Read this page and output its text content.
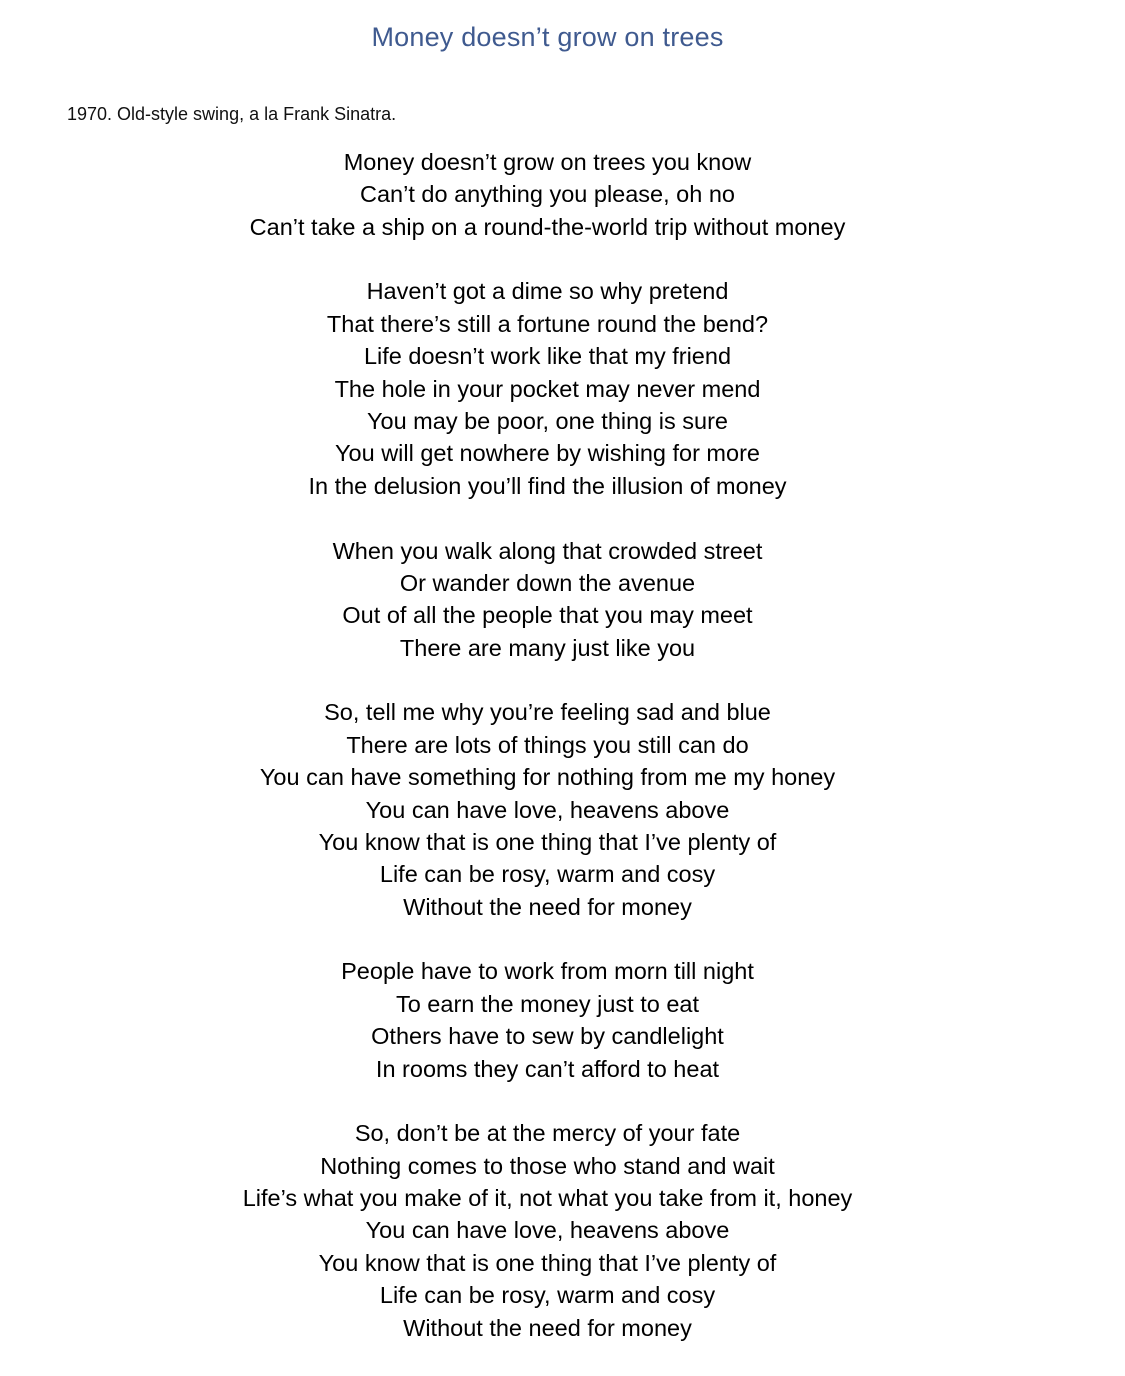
Money doesn’t grow on trees
1970. Old-style swing, a la Frank Sinatra.
Money doesn’t grow on trees you know
Can’t do anything you please, oh no
Can’t take a ship on a round-the-world trip without money
Haven’t got a dime so why pretend
That there’s still a fortune round the bend?
Life doesn’t work like that my friend
The hole in your pocket may never mend
You may be poor, one thing is sure
You will get nowhere by wishing for more
In the delusion you’ll find the illusion of money
When you walk along that crowded street
Or wander down the avenue
Out of all the people that you may meet
There are many just like you
So, tell me why you’re feeling sad and blue
There are lots of things you still can do
You can have something for nothing from me my honey
You can have love, heavens above
You know that is one thing that I’ve plenty of
Life can be rosy, warm and cosy
Without the need for money
People have to work from morn till night
To earn the money just to eat
Others have to sew by candlelight
In rooms they can’t afford to heat
So, don’t be at the mercy of your fate
Nothing comes to those who stand and wait
Life’s what you make of it, not what you take from it, honey
You can have love, heavens above
You know that is one thing that I’ve plenty of
Life can be rosy, warm and cosy
Without the need for money
